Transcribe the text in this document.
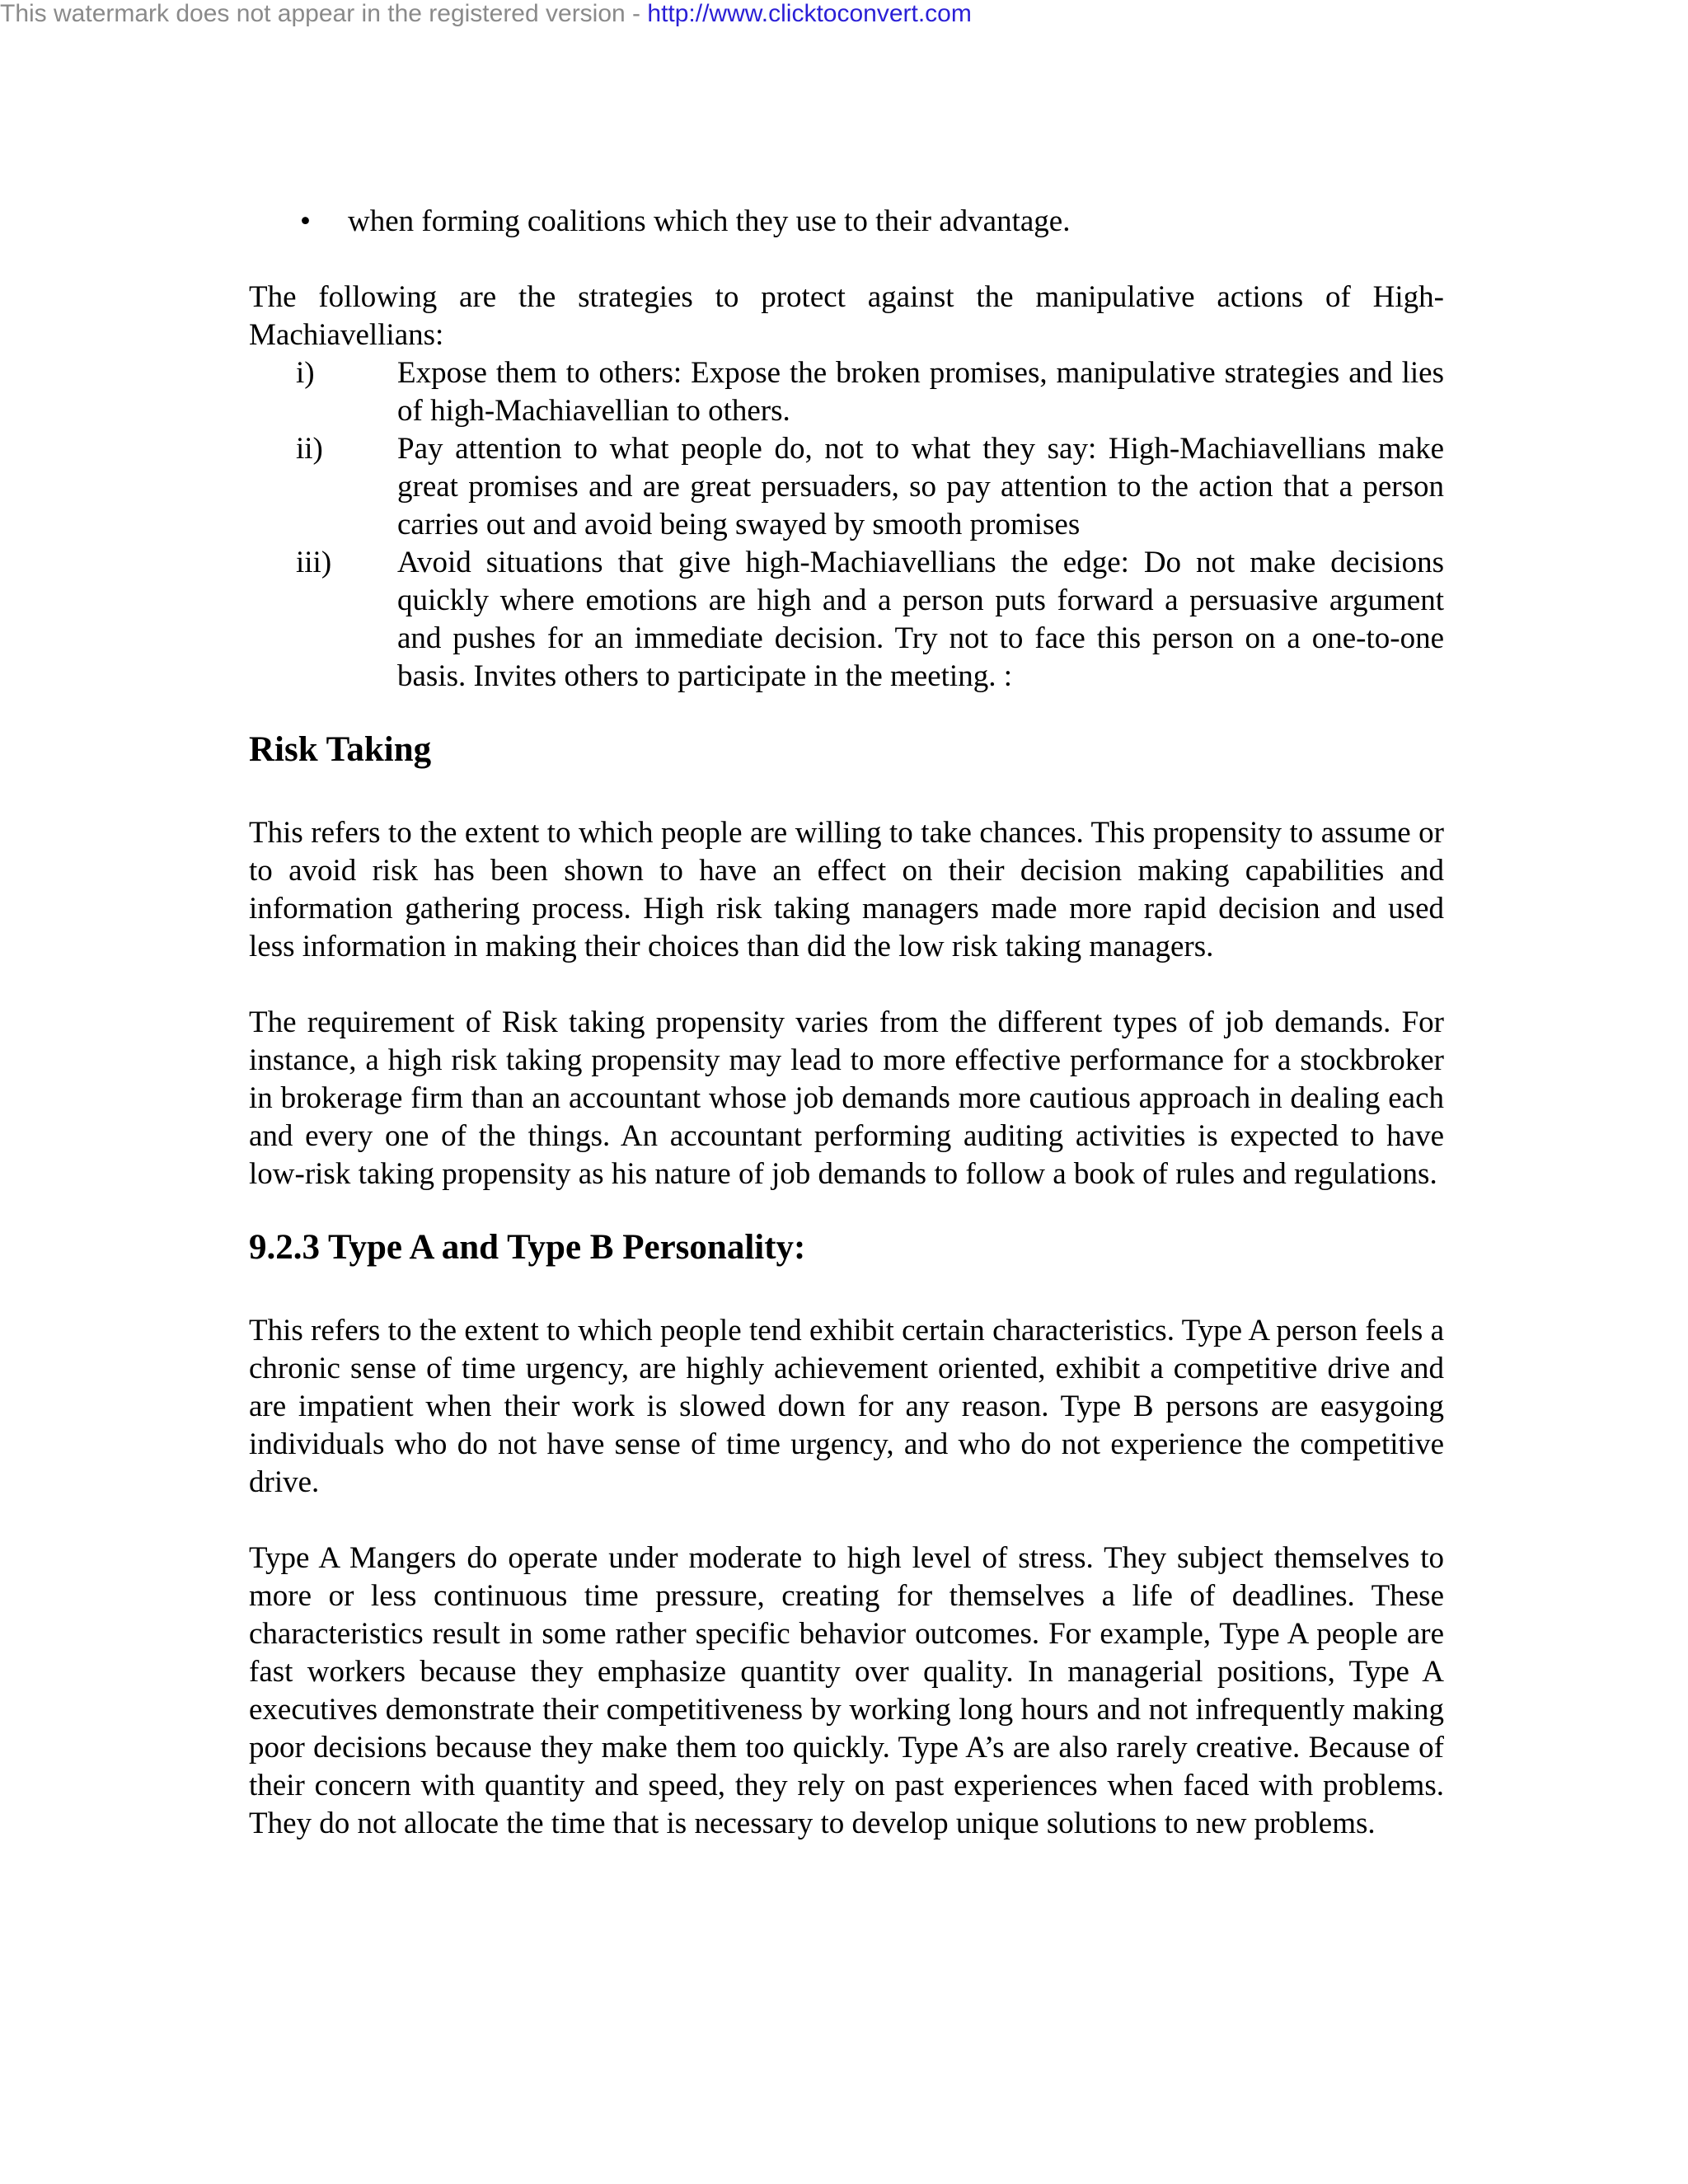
This watermark does not appear in the registered version - http://www.clicktoconvert.com
• when forming coalitions which they use to their advantage.

The following are the strategies to protect against the manipulative actions of High-Machiavellians:

i)	Expose them to others: Expose the broken promises, manipulative strategies and lies of high-Machiavellian to others.
ii) Pay attention to what people do, not to what they say: High-Machiavellians make great promises and are great persuaders, so pay attention to the action that a person carries out and avoid being swayed by smooth promises
iii) Avoid situations that give high-Machiavellians the edge: Do not make decisions quickly where emotions are high and a person puts forward a persuasive argument and pushes for an immediate decision. Try not to face this person on a one-to-one basis. Invites others to participate in the meeting. :
Risk Taking

This refers to the extent to which people are willing to take chances. This propensity to assume or to avoid risk has been shown to have an effect on their decision making capabilities and information gathering process. High risk taking managers made more rapid decision and used less information in making their choices than did the low risk taking managers.

The requirement of Risk taking propensity varies from the different types of job demands. For instance, a high risk taking propensity may lead to more effective performance for a stockbroker in brokerage firm than an accountant whose job demands more cautious approach in dealing each and every one of the things. An accountant performing auditing activities is expected to have low-risk taking propensity as his nature of job demands to follow a book of rules and regulations.

9.2.3 Type A and Type B Personality:

This refers to the extent to which people tend exhibit certain characteristics. Type A person feels a chronic sense of time urgency, are highly achievement oriented, exhibit a competitive drive and are impatient when their work is slowed down for any reason. Type B persons are easygoing individuals who do not have sense of time urgency, and who do not experience the competitive drive.

Type A Mangers do operate under moderate to high level of stress. They subject themselves to more or less continuous time pressure, creating for themselves a life of deadlines. These characteristics result in some rather specific behavior outcomes. For example, Type A people are fast workers because they emphasize quantity over quality. In managerial positions, Type A executives demonstrate their competitiveness by working long hours and not infrequently making poor decisions because they make them too quickly. Type A’s are also rarely creative. Because of their concern with quantity and speed, they rely on past experiences when faced with problems. They do not allocate the time that is necessary to develop unique solutions to new problems.
